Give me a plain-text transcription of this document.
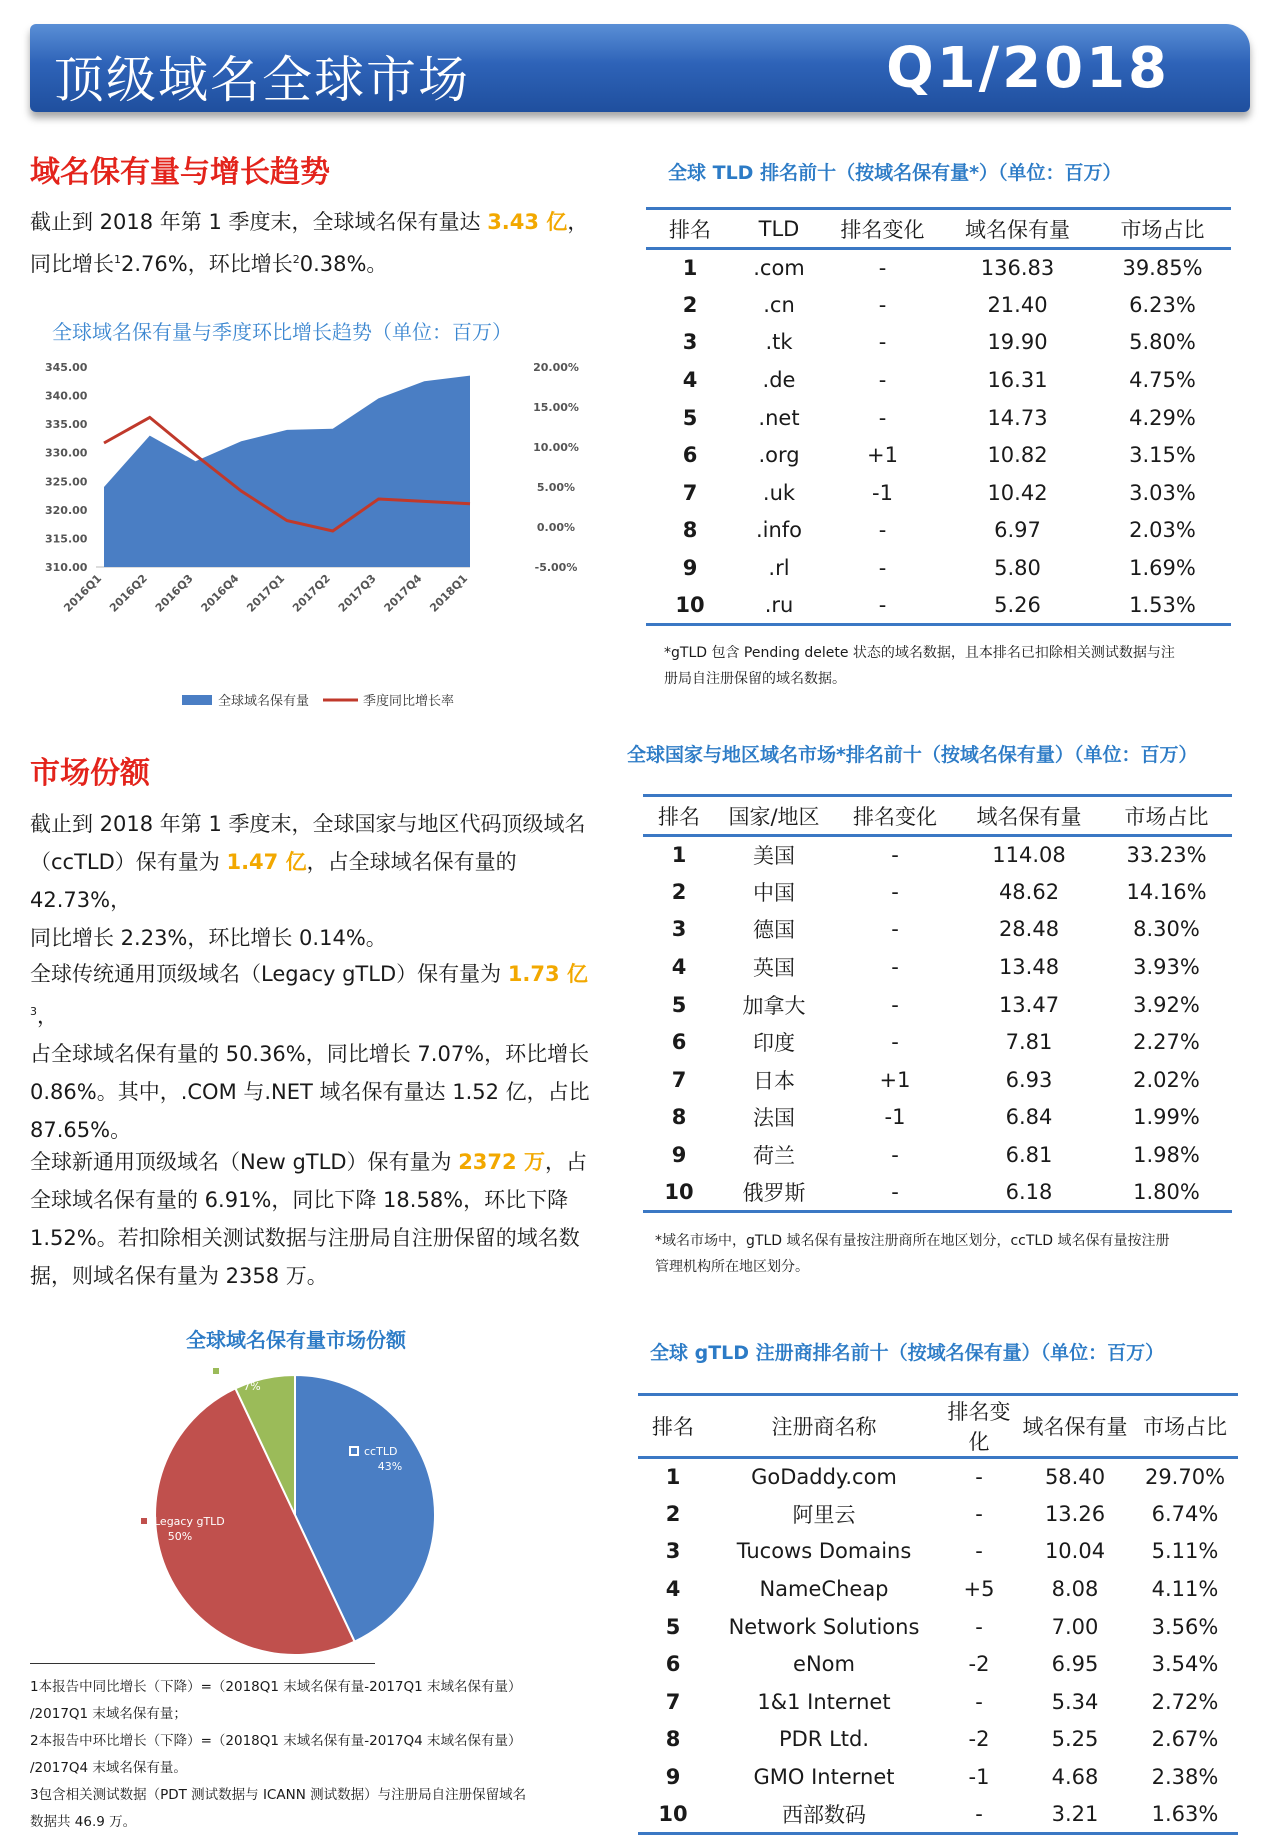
顶级域名全球市场	Q1/2018
域名保有量与增长趋势
截止到 2018 年第 1 季度末，全球域名保有量达 3.43 亿，
同比增长$^1$2.76%，环比增长$^2$0.38%。
全球域名保有量与季度环比增长趋势（单位：百万）
345.00
340.00
335.00
330.00
325.00
320.00
315.00
310.00
20.00%
15.00%
10.00%
5.00%
0.00%
-5.00%
2016Q1 2016Q2 2016Q3 2016Q4 2017Q1 2017Q2 2017Q3 2017Q4 2018Q1
全球域名保有量	季度同比增长率
市场份额
截止到 2018 年第 1 季度末，全球国家与地区代码顶级域名
（ccTLD）保有量为 1.47 亿，占全球域名保有量的 42.73%，
同比增长 2.23%，环比增长 0.14%。
全球传统通用顶级域名（Legacy gTLD）保有量为 1.73 亿$^3$，
占全球域名保有量的 50.36%，同比增长 7.07%，环比增长
0.86%。其中，.COM 与.NET 域名保有量达 1.52 亿，占比
87.65%。
全球新通用顶级域名（New gTLD）保有量为 2372 万，占
全球域名保有量的 6.91%，同比下降 18.58%，环比下降
1.52%。若扣除相关测试数据与注册局自注册保留的域名数
据，则域名保有量为 2358 万。
全球域名保有量市场份额
ccTLD
43%
Legacy gTLD
50%
New gTLD
7%
1本报告中同比增长（下降）=（2018Q1 末域名保有量-2017Q1 末域名保有量）
/2017Q1 末域名保有量；
2本报告中环比增长（下降）=（2018Q1 末域名保有量-2017Q4 末域名保有量）
/2017Q4 末域名保有量。
3包含相关测试数据（PDT 测试数据与 ICANN 测试数据）与注册局自注册保留域名
数据共 46.9 万。
全球 TLD 排名前十（按域名保有量*）（单位：百万）
排名	TLD	排名变化	域名保有量	市场占比
1	.com	-	136.83	39.85%
2	.cn	-	21.40	6.23%
3	.tk	-	19.90	5.80%
4	.de	-	16.31	4.75%
5	.net	-	14.73	4.29%
6	.org	+1	10.82	3.15%
7	.uk	-1	10.42	3.03%
8	.info	-	6.97	2.03%
9	.rl	-	5.80	1.69%
10	.ru	-	5.26	1.53%
*gTLD 包含 Pending delete 状态的域名数据，且本排名已扣除相关测试数据与注
册局自注册保留的域名数据。
全球国家与地区域名市场*排名前十（按域名保有量）（单位：百万）
排名	国家/地区	排名变化	域名保有量	市场占比
1	美国	-	114.08	33.23%
2	中国	-	48.62	14.16%
3	德国	-	28.48	8.30%
4	英国	-	13.48	3.93%
5	加拿大	-	13.47	3.92%
6	印度	-	7.81	2.27%
7	日本	+1	6.93	2.02%
8	法国	-1	6.84	1.99%
9	荷兰	-	6.81	1.98%
10	俄罗斯	-	6.18	1.80%
*域名市场中，gTLD 域名保有量按注册商所在地区划分，ccTLD 域名保有量按注册
管理机构所在地区划分。
全球 gTLD 注册商排名前十（按域名保有量）（单位：百万）
排名	注册商名称	排名变化	域名保有量	市场占比
1	GoDaddy.com	-	58.40	29.70%
2	阿里云	-	13.26	6.74%
3	Tucows Domains	-	10.04	5.11%
4	NameCheap	+5	8.08	4.11%
5	Network Solutions	-	7.00	3.56%
6	eNom	-2	6.95	3.54%
7	1&1 Internet	-	5.34	2.72%
8	PDR Ltd.	-2	5.25	2.67%
9	GMO Internet	-1	4.68	2.38%
10	西部数码	-	3.21	1.63%
